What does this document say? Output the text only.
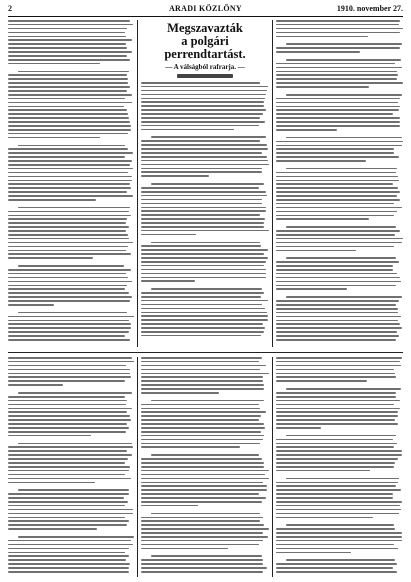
2	ARADI KÖZLÖNY	1910. november 27.
Megszavazták
a polgári perrendtartást.
— A válságból rafrarja. —
